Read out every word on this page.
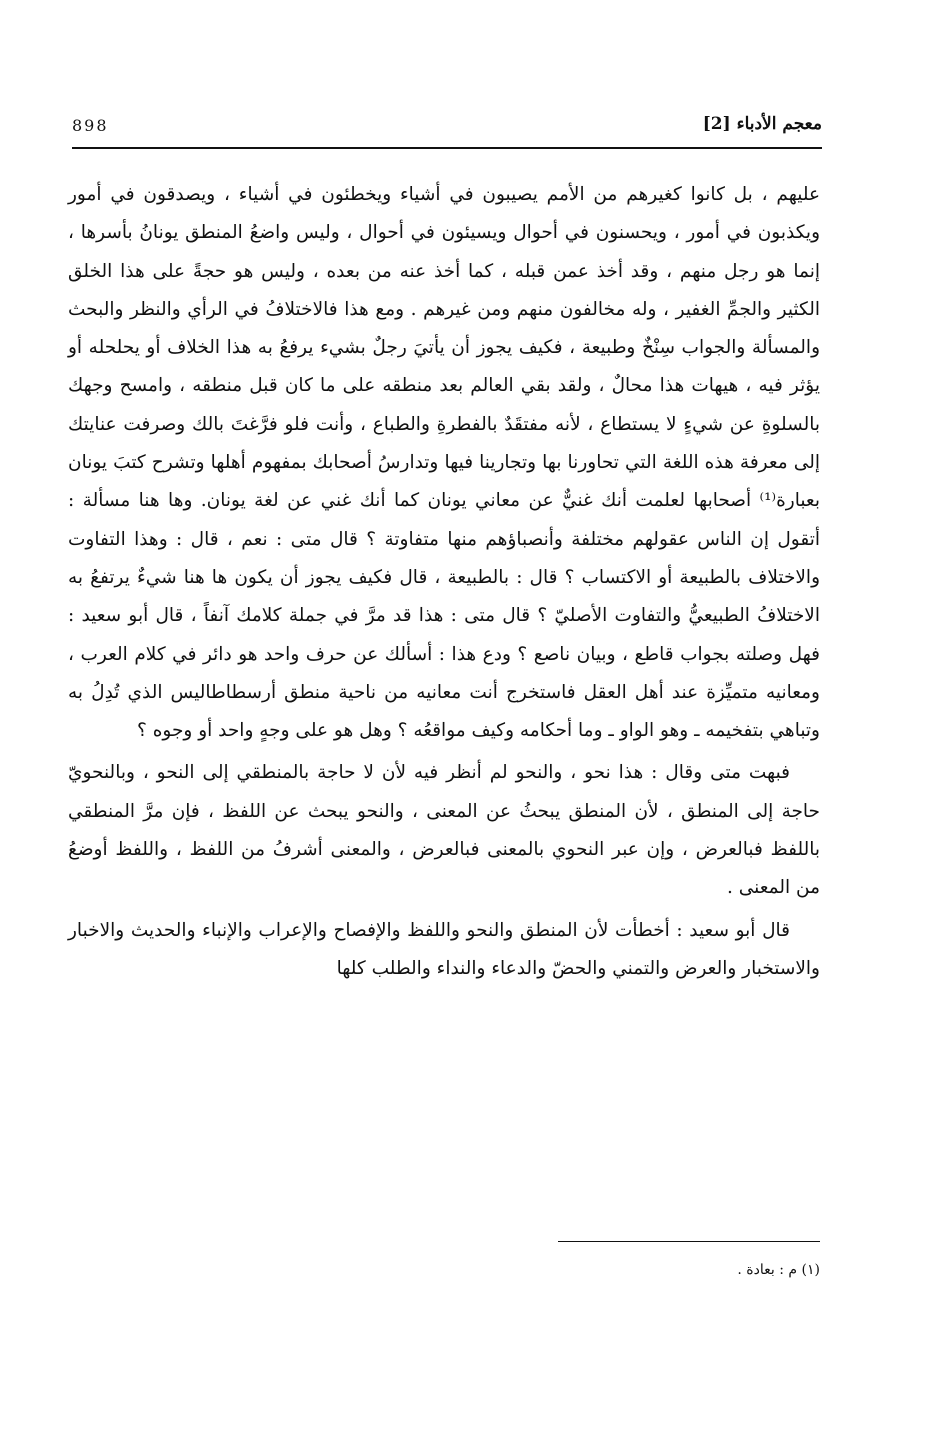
معجم الأدباء [2]
898

عليهم ، بل كانوا كغيرهم من الأمم يصيبون في أشياء ويخطئون في أشياء ، ويصدقون في أمور ويكذبون في أمور ، ويحسنون في أحوال ويسيئون في أحوال ، وليس واضعُ المنطق يونانُ بأسرها ، إنما هو رجل منهم ، وقد أخذ عمن قبله ، كما أخذ عنه من بعده ، وليس هو حجةً على هذا الخلق الكثير والجمِّ الغفير ، وله مخالفون منهم ومن غيرهم . ومع هذا فالاختلافُ في الرأي والنظر والبحث والمسألة والجواب سِنْخٌ وطبيعة ، فكيف يجوز أن يأتيَ رجلٌ بشيء يرفعُ به هذا الخلاف أو يحلحله أو يؤثر فيه ، هيهات هذا محالٌ ، ولقد بقي العالم بعد منطقه على ما كان قبل منطقه ، وامسح وجهك بالسلوةِ عن شيءٍ لا يستطاع ، لأنه مفتقَدٌ بالفطرةِ والطباع ، وأنت فلو فرَّغتَ بالك وصرفت عنايتك إلى معرفة هذه اللغة التي تحاورنا بها وتجارينا فيها وتدارسُ أصحابك بمفهوم أهلها وتشرح كتبَ يونان بعبارة⁽¹⁾ أصحابها لعلمت أنك غنيٌّ عن معاني يونان كما أنك غني عن لغة يونان. وها هنا مسألة : أتقول إن الناس عقولهم مختلفة وأنصباؤهم منها متفاوتة ؟ قال متى : نعم ، قال : وهذا التفاوت والاختلاف بالطبيعة أو الاكتساب ؟ قال : بالطبيعة ، قال فكيف يجوز أن يكون ها هنا شيءٌ يرتفعُ به الاختلافُ الطبيعيُّ والتفاوت الأصليّ ؟ قال متى : هذا قد مرَّ في جملة كلامك آنفاً ، قال أبو سعيد : فهل وصلته بجواب قاطع ، وبيان ناصع ؟ ودع هذا : أسألك عن حرف واحد هو دائر في كلام العرب ، ومعانيه متميِّزة عند أهل العقل فاستخرج أنت معانيه من ناحية منطق أرسطاطاليس الذي تُدِلُ به وتباهي بتفخيمه ـ وهو الواو ـ وما أحكامه وكيف مواقعُه ؟ وهل هو على وجهٍ واحد أو وجوه ؟

فبهت متى وقال : هذا نحو ، والنحو لم أنظر فيه لأن لا حاجة بالمنطقي إلى النحو ، وبالنحويّ حاجة إلى المنطق ، لأن المنطق يبحثُ عن المعنى ، والنحو يبحث عن اللفظ ، فإن مرَّ المنطقي باللفظ فبالعرض ، وإن عبر النحوي بالمعنى فبالعرض ، والمعنى أشرفُ من اللفظ ، واللفظ أوضعُ من المعنى .

قال أبو سعيد : أخطأت لأن المنطق والنحو واللفظ والإفصاح والإعراب والإنباء والحديث والاخبار والاستخبار والعرض والتمني والحضّ والدعاء والنداء والطلب كلها

(١) م : بعادة .
